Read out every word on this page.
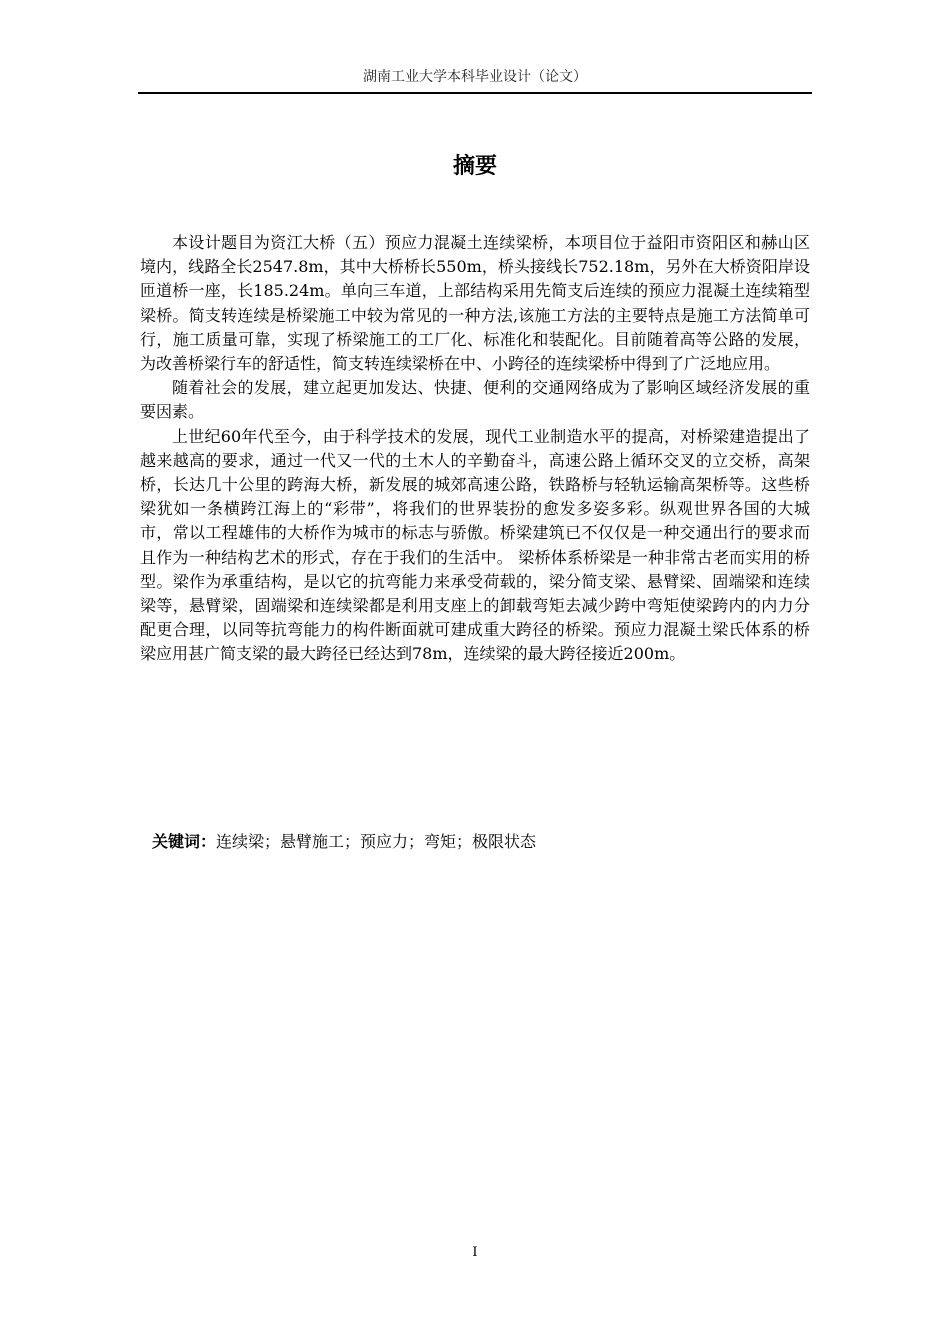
湖南工业大学本科毕业设计（论文）
摘要

本设计题目为资江大桥（五）预应力混凝土连续梁桥，本项目位于益阳市资阳区和赫山区境内，线路全长2547.8m，其中大桥桥长550m，桥头接线长752.18m，另外在大桥资阳岸设匝道桥一座，长185.24m。单向三车道，上部结构采用先简支后连续的预应力混凝土连续箱型梁桥。简支转连续是桥梁施工中较为常见的一种方法,该施工方法的主要特点是施工方法简单可行，施工质量可靠，实现了桥梁施工的工厂化、标准化和装配化。目前随着高等公路的发展，为改善桥梁行车的舒适性，简支转连续梁桥在中、小跨径的连续梁桥中得到了广泛地应用。

随着社会的发展，建立起更加发达、快捷、便利的交通网络成为了影响区域经济发展的重要因素。

上世纪60年代至今，由于科学技术的发展，现代工业制造水平的提高，对桥梁建造提出了越来越高的要求，通过一代又一代的土木人的辛勤奋斗，高速公路上循环交叉的立交桥，高架桥，长达几十公里的跨海大桥，新发展的城郊高速公路，铁路桥与轻轨运输高架桥等。这些桥梁犹如一条横跨江海上的“彩带”，将我们的世界装扮的愈发多姿多彩。纵观世界各国的大城市，常以工程雄伟的大桥作为城市的标志与骄傲。桥梁建筑已不仅仅是一种交通出行的要求而且作为一种结构艺术的形式，存在于我们的生活中。 梁桥体系桥梁是一种非常古老而实用的桥型。梁作为承重结构，是以它的抗弯能力来承受荷载的，梁分简支梁、悬臂梁、固端梁和连续梁等，悬臂梁，固端梁和连续梁都是利用支座上的卸载弯矩去减少跨中弯矩使梁跨内的内力分配更合理，以同等抗弯能力的构件断面就可建成重大跨径的桥梁。预应力混凝土梁氏体系的桥梁应用甚广简支梁的最大跨径已经达到78m，连续梁的最大跨径接近200m。

关键词：连续梁；悬臂施工；预应力；弯矩；极限状态
I
